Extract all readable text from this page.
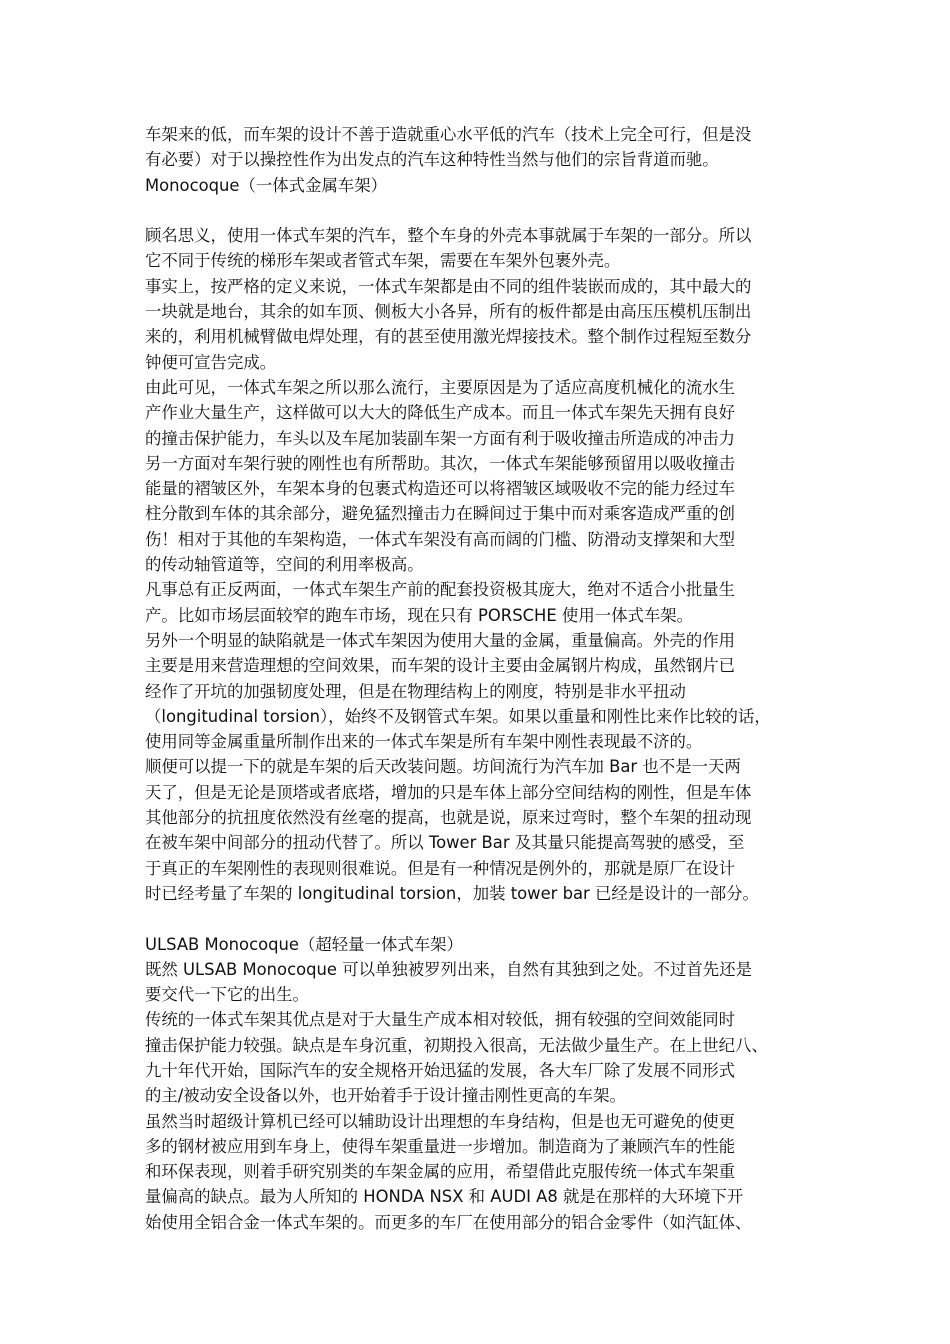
车架来的低，而车架的设计不善于造就重心水平低的汽车（技术上完全可行，但是没
有必要）对于以操控性作为出发点的汽车这种特性当然与他们的宗旨背道而驰。
Monocoque（一体式金属车架）
顾名思义，使用一体式车架的汽车，整个车身的外壳本事就属于车架的一部分。所以
它不同于传统的梯形车架或者管式车架，需要在车架外包裹外壳。
事实上，按严格的定义来说，一体式车架都是由不同的组件装嵌而成的，其中最大的
一块就是地台，其余的如车顶、侧板大小各异，所有的板件都是由高压压模机压制出
来的，利用机械臂做电焊处理，有的甚至使用激光焊接技术。整个制作过程短至数分
钟便可宣告完成。
由此可见，一体式车架之所以那么流行，主要原因是为了适应高度机械化的流水生
产作业大量生产，这样做可以大大的降低生产成本。而且一体式车架先天拥有良好
的撞击保护能力，车头以及车尾加装副车架一方面有利于吸收撞击所造成的冲击力
另一方面对车架行驶的刚性也有所帮助。其次，一体式车架能够预留用以吸收撞击
能量的褶皱区外，车架本身的包裹式构造还可以将褶皱区域吸收不完的能力经过车
柱分散到车体的其余部分，避免猛烈撞击力在瞬间过于集中而对乘客造成严重的创
伤！相对于其他的车架构造，一体式车架没有高而阔的门槛、防滑动支撑架和大型
的传动轴管道等，空间的利用率极高。
凡事总有正反两面，一体式车架生产前的配套投资极其庞大，绝对不适合小批量生
产。比如市场层面较窄的跑车市场，现在只有 PORSCHE 使用一体式车架。
另外一个明显的缺陷就是一体式车架因为使用大量的金属，重量偏高。外壳的作用
主要是用来营造理想的空间效果，而车架的设计主要由金属钢片构成，虽然钢片已
经作了开坑的加强韧度处理，但是在物理结构上的刚度，特别是非水平扭动
（longitudinal torsion），始终不及钢管式车架。如果以重量和刚性比来作比较的话，
使用同等金属重量所制作出来的一体式车架是所有车架中刚性表现最不济的。
顺便可以提一下的就是车架的后天改装问题。坊间流行为汽车加 Bar 也不是一天两
天了，但是无论是顶塔或者底塔，增加的只是车体上部分空间结构的刚性，但是车体
其他部分的抗扭度依然没有丝毫的提高，也就是说，原来过弯时，整个车架的扭动现
在被车架中间部分的扭动代替了。所以 Tower Bar 及其量只能提高驾驶的感受，至
于真正的车架刚性的表现则很难说。但是有一种情况是例外的，那就是原厂在设计
时已经考量了车架的 longitudinal torsion，加装 tower bar 已经是设计的一部分。
ULSAB Monocoque（超轻量一体式车架）
既然 ULSAB Monocoque 可以单独被罗列出来，自然有其独到之处。不过首先还是
要交代一下它的出生。
传统的一体式车架其优点是对于大量生产成本相对较低，拥有较强的空间效能同时
撞击保护能力较强。缺点是车身沉重，初期投入很高，无法做少量生产。在上世纪八、
九十年代开始，国际汽车的安全规格开始迅猛的发展，各大车厂除了发展不同形式
的主/被动安全设备以外，也开始着手于设计撞击刚性更高的车架。
虽然当时超级计算机已经可以辅助设计出理想的车身结构，但是也无可避免的使更
多的钢材被应用到车身上，使得车架重量进一步增加。制造商为了兼顾汽车的性能
和环保表现，则着手研究别类的车架金属的应用，希望借此克服传统一体式车架重
量偏高的缺点。最为人所知的 HONDA NSX 和 AUDI A8 就是在那样的大环境下开
始使用全铝合金一体式车架的。而更多的车厂在使用部分的铝合金零件（如汽缸体、
